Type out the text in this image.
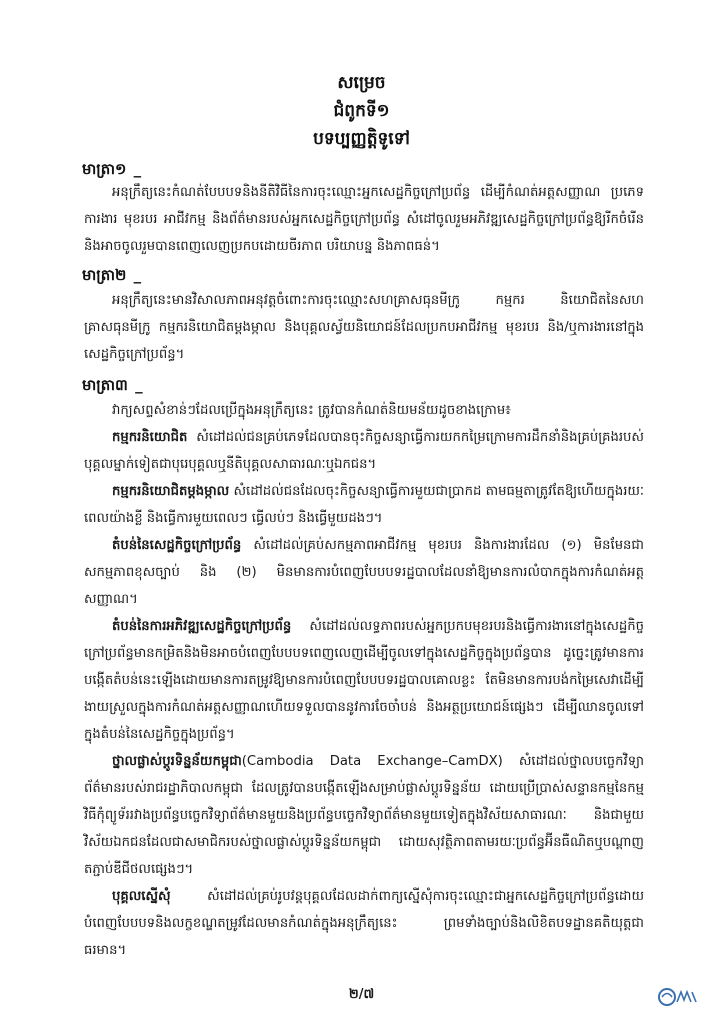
សម្រេច
ជំពូកទី១
បទប្បញ្ញត្តិទូទៅ
មាត្រា១ _

អនុក្រឹត្យនេះកំណត់បែបបទនិងនីតិវិធីនៃការចុះឈ្មោះអ្នកសេដ្ឋកិច្ចក្រៅប្រព័ន្ធ ដើម្បីកំណត់អត្តសញ្ញាណ ប្រភេទការងារ មុខរបរ អាជីវកម្ម និងព័ត៌មានរបស់អ្នកសេដ្ឋកិច្ចក្រៅប្រព័ន្ធ សំដៅចូលរួមអភិវឌ្ឍសេដ្ឋកិច្ចក្រៅប្រព័ន្ធឱ្យរីកចំរើន និងអាចចូលរួមបានពេញលេញប្រកបដោយចីរភាព បរិយាបន្ន និងភាពធន់។

មាត្រា២ _

អនុក្រឹត្យនេះមានវិសាលភាពអនុវត្តចំពោះការចុះឈ្មោះសហគ្រាសធុនមីក្រូ កម្មករ និយោជិតនៃសហគ្រាសធុនមីក្រូ កម្មករនិយោជិតម្តងម្កាល និងបុគ្គលស្វ័យនិយោជន៍ដែលប្រកបអាជីវកម្ម មុខរបរ និង/ឬការងារនៅក្នុងសេដ្ឋកិច្ចក្រៅប្រព័ន្ធ។

មាត្រា៣ _

វាក្យសព្ទសំខាន់ៗដែលប្រើក្នុងអនុក្រឹត្យនេះ ត្រូវបានកំណត់និយមន័យដូចខាងក្រោម៖

កម្មករនិយោជិត សំដៅដល់ជនគ្រប់ភេទដែលបានចុះកិច្ចសន្យាធ្វើការយកកម្រៃក្រោមការដឹកនាំនិងគ្រប់គ្រងរបស់បុគ្គលម្នាក់ទៀតជាបុរេបុគ្គលឬនីតិបុគ្គលសាធារណៈឬឯកជន។

កម្មករនិយោជិតម្តងម្កាល សំដៅដល់ជនដែលចុះកិច្ចសន្យាធ្វើការមួយជាប្រាកដ តាមធម្មតាត្រូវតែឱ្យហើយក្នុងរយៈពេលយ៉ាងខ្លី និងធ្វើការមួយពេលៗ ធ្វើលប់ៗ និងធ្វើមួយដងៗ។

តំបន់នៃសេដ្ឋកិច្ចក្រៅប្រព័ន្ធ សំដៅដល់គ្រប់សកម្មភាពអាជីវកម្ម មុខរបរ និងការងារដែល (១) មិនមែនជាសកម្មភាពខុសច្បាប់ និង (២) មិនមានការបំពេញបែបបទរដ្ឋបាលដែលនាំឱ្យមានការលំបាកក្នុងការកំណត់អត្តសញ្ញាណ។

តំបន់នៃការអភិវឌ្ឍសេដ្ឋកិច្ចក្រៅប្រព័ន្ធ សំដៅដល់លទ្ធភាពរបស់អ្នកប្រកបមុខរបរនិងធ្វើការងារនៅក្នុងសេដ្ឋកិច្ចក្រៅប្រព័ន្ធមានកម្រិតនិងមិនអាចបំពេញបែបបទពេញលេញដើម្បីចូលទៅក្នុងសេដ្ឋកិច្ចក្នុងប្រព័ន្ធបាន ដូច្នេះត្រូវមានការបង្កើតតំបន់នេះឡើងដោយមានការតម្រូវឱ្យមានការបំពេញបែបបទរដ្ឋបាលគោលខ្លះ តែមិនមានការបង់កម្រៃសេវាដើម្បីងាយស្រួលក្នុងការកំណត់អត្តសញ្ញាណហើយទទួលបាននូវការចែចាំបន់ និងអត្ថប្រយោជន៍ផ្សេងៗ ដើម្បីឈានចូលទៅក្នុងតំបន់នៃសេដ្ឋកិច្ចក្នុងប្រព័ន្ធ។

ថ្នាលផ្លាស់ប្តូរទិន្នន័យកម្ពុជា(Cambodia Data Exchange–CamDX) សំដៅដល់ថ្នាលបច្ចេកវិទ្យាព័ត៌មានរបស់រាជរដ្ឋាភិបាលកម្ពុជា ដែលត្រូវបានបង្កើតឡើងសម្រាប់ផ្លាស់ប្តូរទិន្នន័យ ដោយប្រើប្រាស់សន្ទានកម្មនៃកម្មវិធីកុំព្យូទ័ររវាងប្រព័ន្ធបច្ចេកវិទ្យាព័ត៌មានមួយនិងប្រព័ន្ធបច្ចេកវិទ្យាព័ត៌មានមួយទៀតក្នុងវិស័យសាធារណៈ និងជាមួយវិស័យឯកជនដែលជាសមាជិករបស់ថ្នាលផ្លាស់ប្តូរទិន្នន័យកម្ពុជា ដោយសុវត្ថិភាពតាមរយៈប្រព័ន្ធអ៊ីនធឺណិតឬបណ្តាញតភ្ជាប់ឌីជីថលផ្សេងៗ។

បុគ្គលស្នើសុំ សំដៅដល់គ្រប់រូបវន្តបុគ្គលដែលដាក់ពាក្យស្នើសុំការចុះឈ្មោះជាអ្នកសេដ្ឋកិច្ចក្រៅប្រព័ន្ធដោយបំពេញបែបបទនិងលក្ខខណ្ឌតម្រូវដែលមានកំណត់ក្នុងអនុក្រឹត្យនេះ ព្រមទាំងច្បាប់និងលិខិតបទដ្ឋានគតិយុត្តជាធរមាន។

២/៧
